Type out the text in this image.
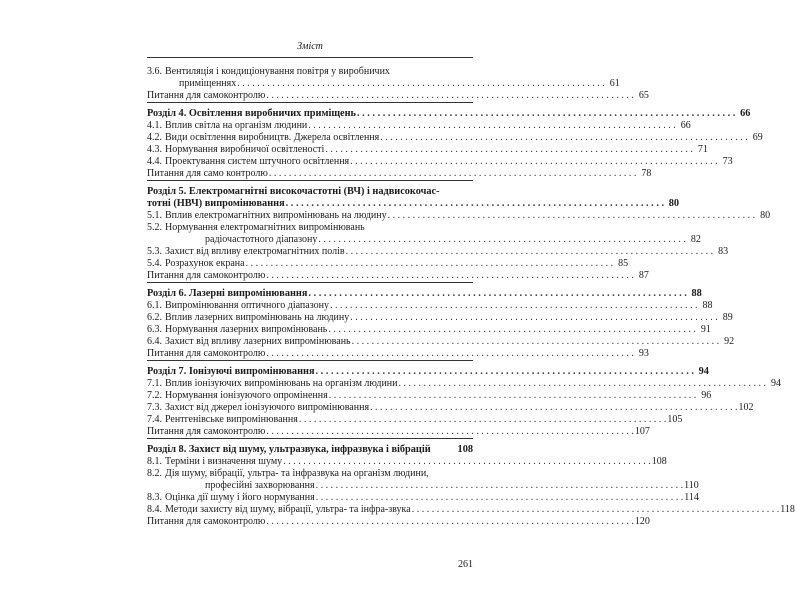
Зміст
3.6. Вентиляція і кондиціонування повітря у виробничих
приміщеннях . . .	61
Питання для самоконтролю . . .	65
Розділ 4. Освітлення виробничих приміщень . . .	66
4.1. Вплив світла на організм людини . . .	66
4.2. Види освітлення виробництв. Джерела освітлення . . .	69
4.3. Нормування виробничої освітленості . . .	71
4.4. Проектування систем штучного освітлення . . .	73
Питання для само контролю . . .	78
Розділ 5. Електромагнітні високочастотні (ВЧ) і надвисокочас-
тотні (НВЧ) випромінювання . . .	80
5.1. Вплив електромагнітних випромінювань на людину . . .	80
5.2. Нормування електромагнітних випромінювань
радіочастотного діапазону . . .	82
5.3. Захист від впливу електромагнітних полів . . .	83
5.4. Розрахунок екрана . . .	85
Питання для самоконтролю . . .	87
Розділ 6. Лазерні випромінювання . . .	88
6.1. Випромінювання оптичного діапазону . . .	88
6.2. Вплив лазерних випромінювань на людину . . .	89
6.3. Нормування лазерних випромінювань . . .	91
6.4. Захист від впливу лазерних випромінювань . . .	92
Питання для самоконтролю . . .	93
Розділ 7. Іонізуючі випромінювання . . .	94
7.1. Вплив іонізуючих випромінювань на організм людини . . .	94
7.2. Нормування іонізуючого опромінення . . .	96
7.3. Захист від джерел іонізуючого випромінювання . . .	102
7.4. Рентгенівське випромінювання . . .	105
Питання для самоконтролю . . .	107
Розділ 8. Захист від шуму, ультразвука, інфразвука і вібрацій	108
8.1. Терміни і визначення шуму . . .	108
8.2. Дія шуму, вібрації, ультра- та інфразвука на організм людини,
професійні захворювання . . .	110
8.3. Оцінка дії шуму і його нормування . . .	114
8.4. Методи захисту від шуму, вібрації, ультра- та інфра-звука . . .	118
Питання для самоконтролю . . .	120
261
